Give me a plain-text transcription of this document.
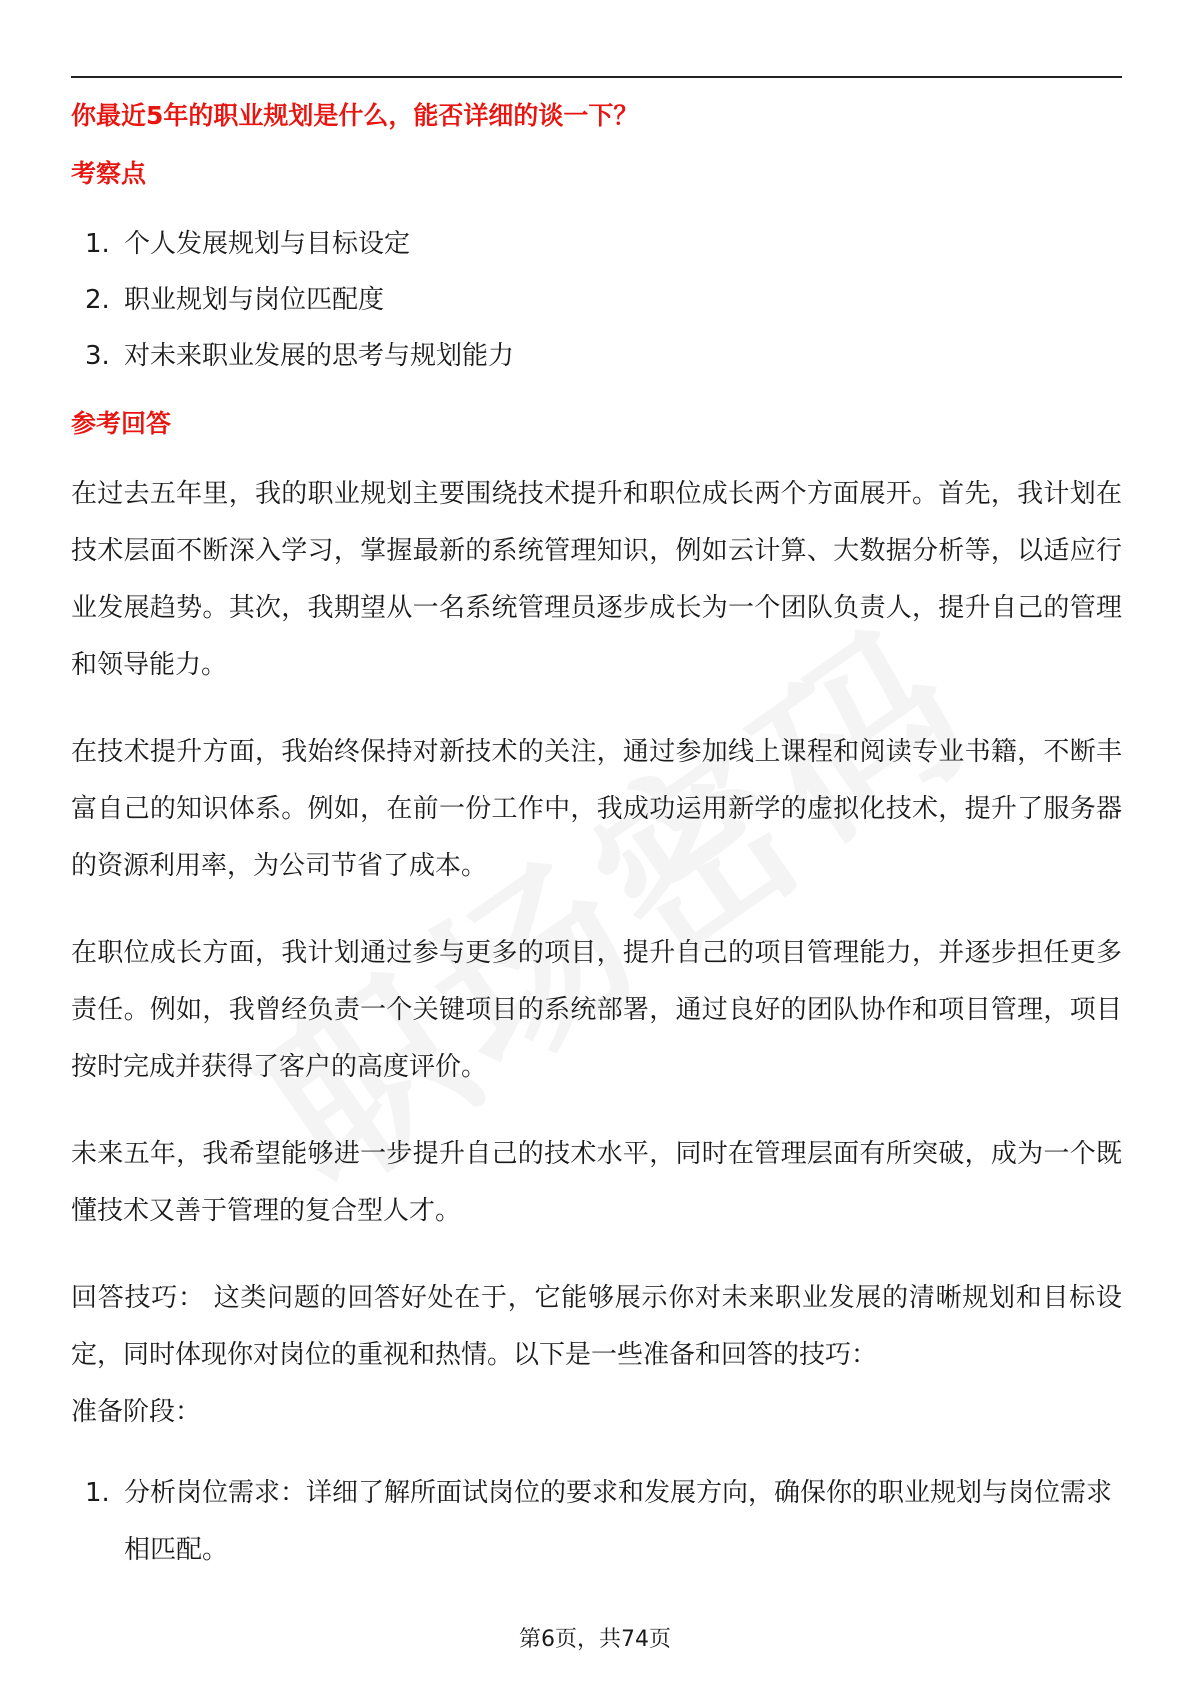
你最近5年的职业规划是什么，能否详细的谈一下？
考察点
1. 个人发展规划与目标设定
2. 职业规划与岗位匹配度
3. 对未来职业发展的思考与规划能力
参考回答

在过去五年里，我的职业规划主要围绕技术提升和职位成长两个方面展开。首先，我计划在技术层面不断深入学习，掌握最新的系统管理知识，例如云计算、大数据分析等，以适应行业发展趋势。其次，我期望从一名系统管理员逐步成长为一个团队负责人，提升自己的管理和领导能力。

在技术提升方面，我始终保持对新技术的关注，通过参加线上课程和阅读专业书籍，不断丰富自己的知识体系。例如，在前一份工作中，我成功运用新学的虚拟化技术，提升了服务器的资源利用率，为公司节省了成本。

在职位成长方面，我计划通过参与更多的项目，提升自己的项目管理能力，并逐步担任更多责任。例如，我曾经负责一个关键项目的系统部署，通过良好的团队协作和项目管理，项目按时完成并获得了客户的高度评价。

未来五年，我希望能够进一步提升自己的技术水平，同时在管理层面有所突破，成为一个既懂技术又善于管理的复合型人才。

回答技巧： 这类问题的回答好处在于，它能够展示你对未来职业发展的清晰规划和目标设定，同时体现你对岗位的重视和热情。以下是一些准备和回答的技巧：

准备阶段：

1. 分析岗位需求：详细了解所面试岗位的要求和发展方向，确保你的职业规划与岗位需求相匹配。
第6页，共74页
